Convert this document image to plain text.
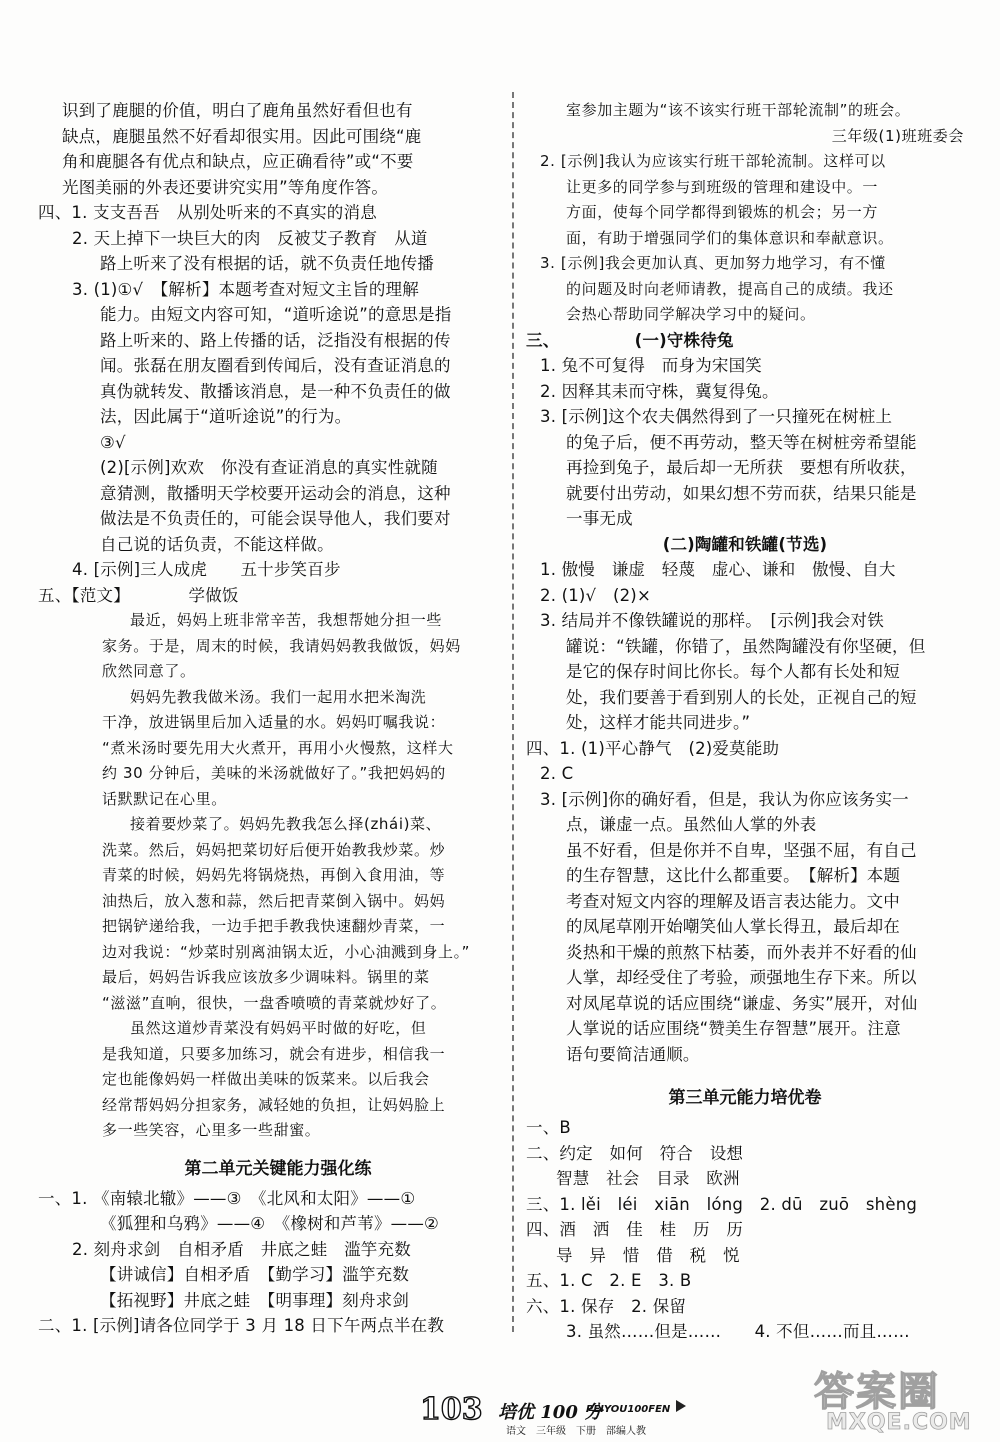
识到了鹿腿的价值，明白了鹿角虽然好看但也有
缺点，鹿腿虽然不好看却很实用。因此可围绕“鹿
角和鹿腿各有优点和缺点，应正确看待”或“不要
光图美丽的外表还要讲究实用”等角度作答。
四、1. 支支吾吾　从别处听来的不真实的消息
2. 天上掉下一块巨大的肉　反被艾子教育　从道
路上听来了没有根据的话，就不负责任地传播
3. (1)①√　【解析】本题考查对短文主旨的理解
能力。由短文内容可知，“道听途说”的意思是指
路上听来的、路上传播的话，泛指没有根据的传
闻。张磊在朋友圈看到传闻后，没有查证消息的
真伪就转发、散播该消息，是一种不负责任的做
法，因此属于“道听途说”的行为。
③√
(2)[示例]欢欢　你没有查证消息的真实性就随
意猜测，散播明天学校要开运动会的消息，这种
做法是不负责任的，可能会误导他人，我们要对
自己说的话负责，不能这样做。
4. [示例]三人成虎　　五十步笑百步
五、【范文】　　　　学做饭
最近，妈妈上班非常辛苦，我想帮她分担一些
家务。于是，周末的时候，我请妈妈教我做饭，妈妈
欣然同意了。
妈妈先教我做米汤。我们一起用水把米淘洗
干净，放进锅里后加入适量的水。妈妈叮嘱我说：
“煮米汤时要先用大火煮开，再用小火慢熬，这样大
约 30 分钟后，美味的米汤就做好了。”我把妈妈的
话默默记在心里。
接着要炒菜了。妈妈先教我怎么择(zhái)菜、
洗菜。然后，妈妈把菜切好后便开始教我炒菜。炒
青菜的时候，妈妈先将锅烧热，再倒入食用油，等
油热后，放入葱和蒜，然后把青菜倒入锅中。妈妈
把锅铲递给我，一边手把手教我快速翻炒青菜，一
边对我说：“炒菜时别离油锅太近，小心油溅到身上。”
最后，妈妈告诉我应该放多少调味料。锅里的菜
“滋滋”直响，很快，一盘香喷喷的青菜就炒好了。
虽然这道炒青菜没有妈妈平时做的好吃，但
是我知道，只要多加练习，就会有进步，相信我一
定也能像妈妈一样做出美味的饭菜来。以后我会
经常帮妈妈分担家务，减轻她的负担，让妈妈脸上
多一些笑容，心里多一些甜蜜。
第二单元关键能力强化练
一、1. 《南辕北辙》——③　《北风和太阳》——①
《狐狸和乌鸦》——④　《橡树和芦苇》——②
2. 刻舟求剑　自相矛盾　井底之蛙　滥竽充数
【讲诚信】自相矛盾　【勤学习】滥竽充数
【拓视野】井底之蛙　【明事理】刻舟求剑
二、1. [示例]请各位同学于 3 月 18 日下午两点半在教
室参加主题为“该不该实行班干部轮流制”的班会。
三年级(1)班班委会
2. [示例]我认为应该实行班干部轮流制。这样可以
让更多的同学参与到班级的管理和建设中。一
方面，使每个同学都得到锻炼的机会；另一方
面，有助于增强同学们的集体意识和奉献意识。
3. [示例]我会更加认真、更加努力地学习，有不懂
的问题及时向老师请教，提高自己的成绩。我还
会热心帮助同学解决学习中的疑问。
三、　　　　　(一)守株待兔
1. 兔不可复得　而身为宋国笑
2. 因释其耒而守株，冀复得兔。
3. [示例]这个农夫偶然得到了一只撞死在树桩上
的兔子后，便不再劳动，整天等在树桩旁希望能
再捡到兔子，最后却一无所获　要想有所收获，
就要付出劳动，如果幻想不劳而获，结果只能是
一事无成
(二)陶罐和铁罐(节选)
1. 傲慢　谦虚　轻蔑　虚心、谦和　傲慢、自大
2. (1)√　(2)×
3. 结局并不像铁罐说的那样。　[示例]我会对铁
罐说：“铁罐，你错了，虽然陶罐没有你坚硬，但
是它的保存时间比你长。每个人都有长处和短
处，我们要善于看到别人的长处，正视自己的短
处，这样才能共同进步。”
四、1. (1)平心静气　(2)爱莫能助
2. C
3. [示例]你的确好看，但是，我认为你应该务实一
点，谦虚一点。虽然仙人掌的外表
虽不好看，但是你并不自卑，坚强不屈，有自己
的生存智慧，这比什么都重要。　【解析】本题
考查对短文内容的理解及语言表达能力。文中
的凤尾草刚开始嘲笑仙人掌长得丑，最后却在
炎热和干燥的煎熬下枯萎，而外表并不好看的仙
人掌，却经受住了考验，顽强地生存下来。所以
对凤尾草说的话应围绕“谦虚、务实”展开，对仙
人掌说的话应围绕“赞美生存智慧”展开。注意
语句要简洁通顺。
第三单元能力培优卷
一、B
二、约定　如何　符合　设想
智慧　社会　目录　欧洲
三、1. lěi　léi　xiān　lóng　2. dū　zuō　shèng
四、酒　洒　佳　桂　历　历
导　异　惜　借　税　悦
五、1. C　2. E　3. B
六、1. 保存　2. 保留
3. 虽然……但是……　　4. 不但……而且……
103 培优 100 分
PEIYOU100FEN
语文　三年级　下册　部编人教
答案圈
MXQE.COM
